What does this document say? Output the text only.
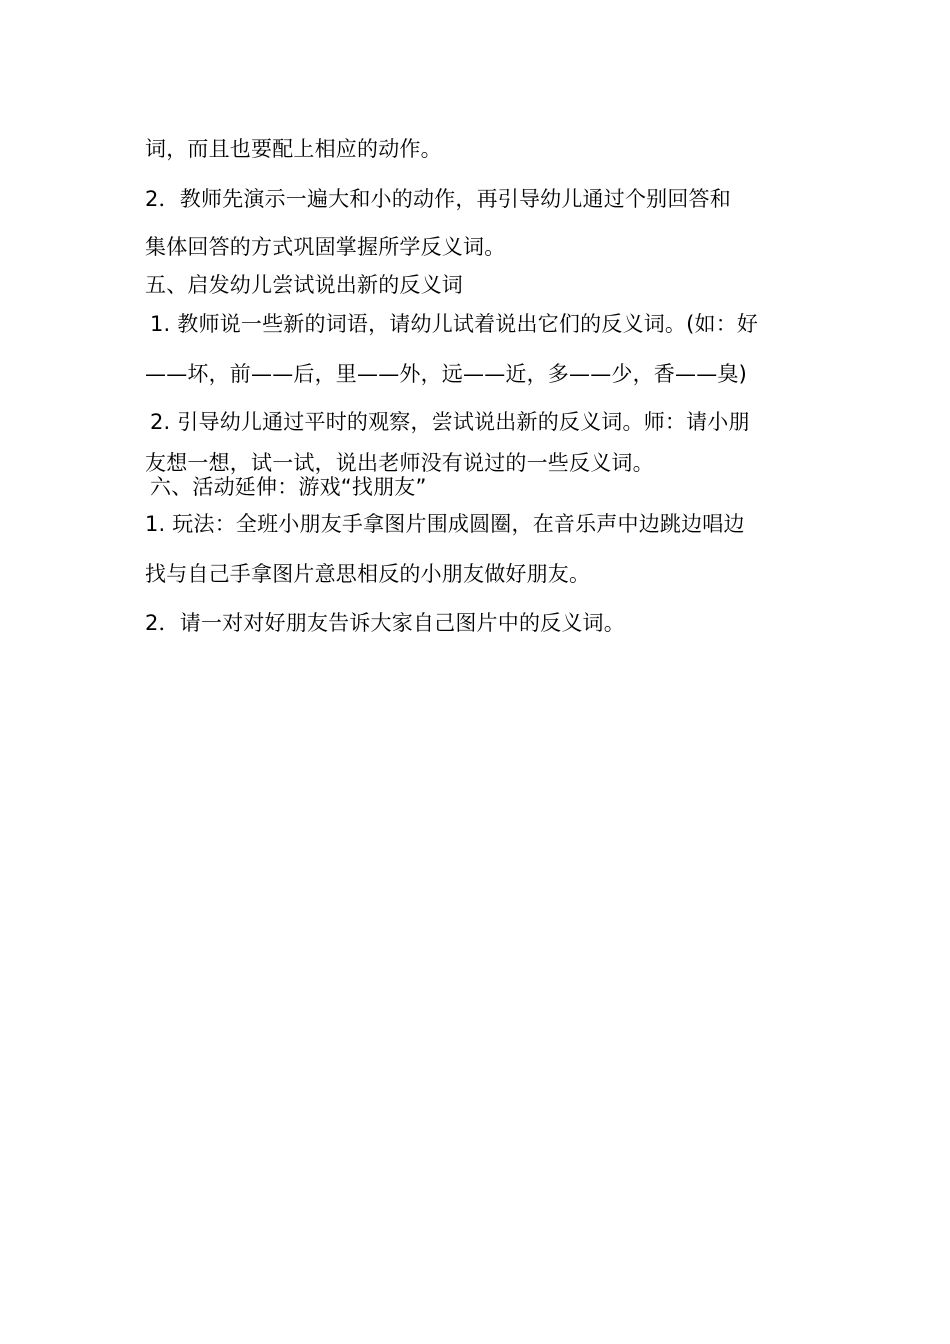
词，而且也要配上相应的动作。
2．教师先演示一遍大和小的动作，再引导幼儿通过个别回答和
集体回答的方式巩固掌握所学反义词。
五、启发幼儿尝试说出新的反义词
1. 教师说一些新的词语，请幼儿试着说出它们的反义词。(如：好
——坏，前——后，里——外，远——近，多——少，香——臭)
2. 引导幼儿通过平时的观察，尝试说出新的反义词。师：请小朋
友想一想，试一试，说出老师没有说过的一些反义词。
六、活动延伸：游戏“找朋友”
1. 玩法：全班小朋友手拿图片围成圆圈，在音乐声中边跳边唱边
找与自己手拿图片意思相反的小朋友做好朋友。
2．请一对对好朋友告诉大家自己图片中的反义词。
